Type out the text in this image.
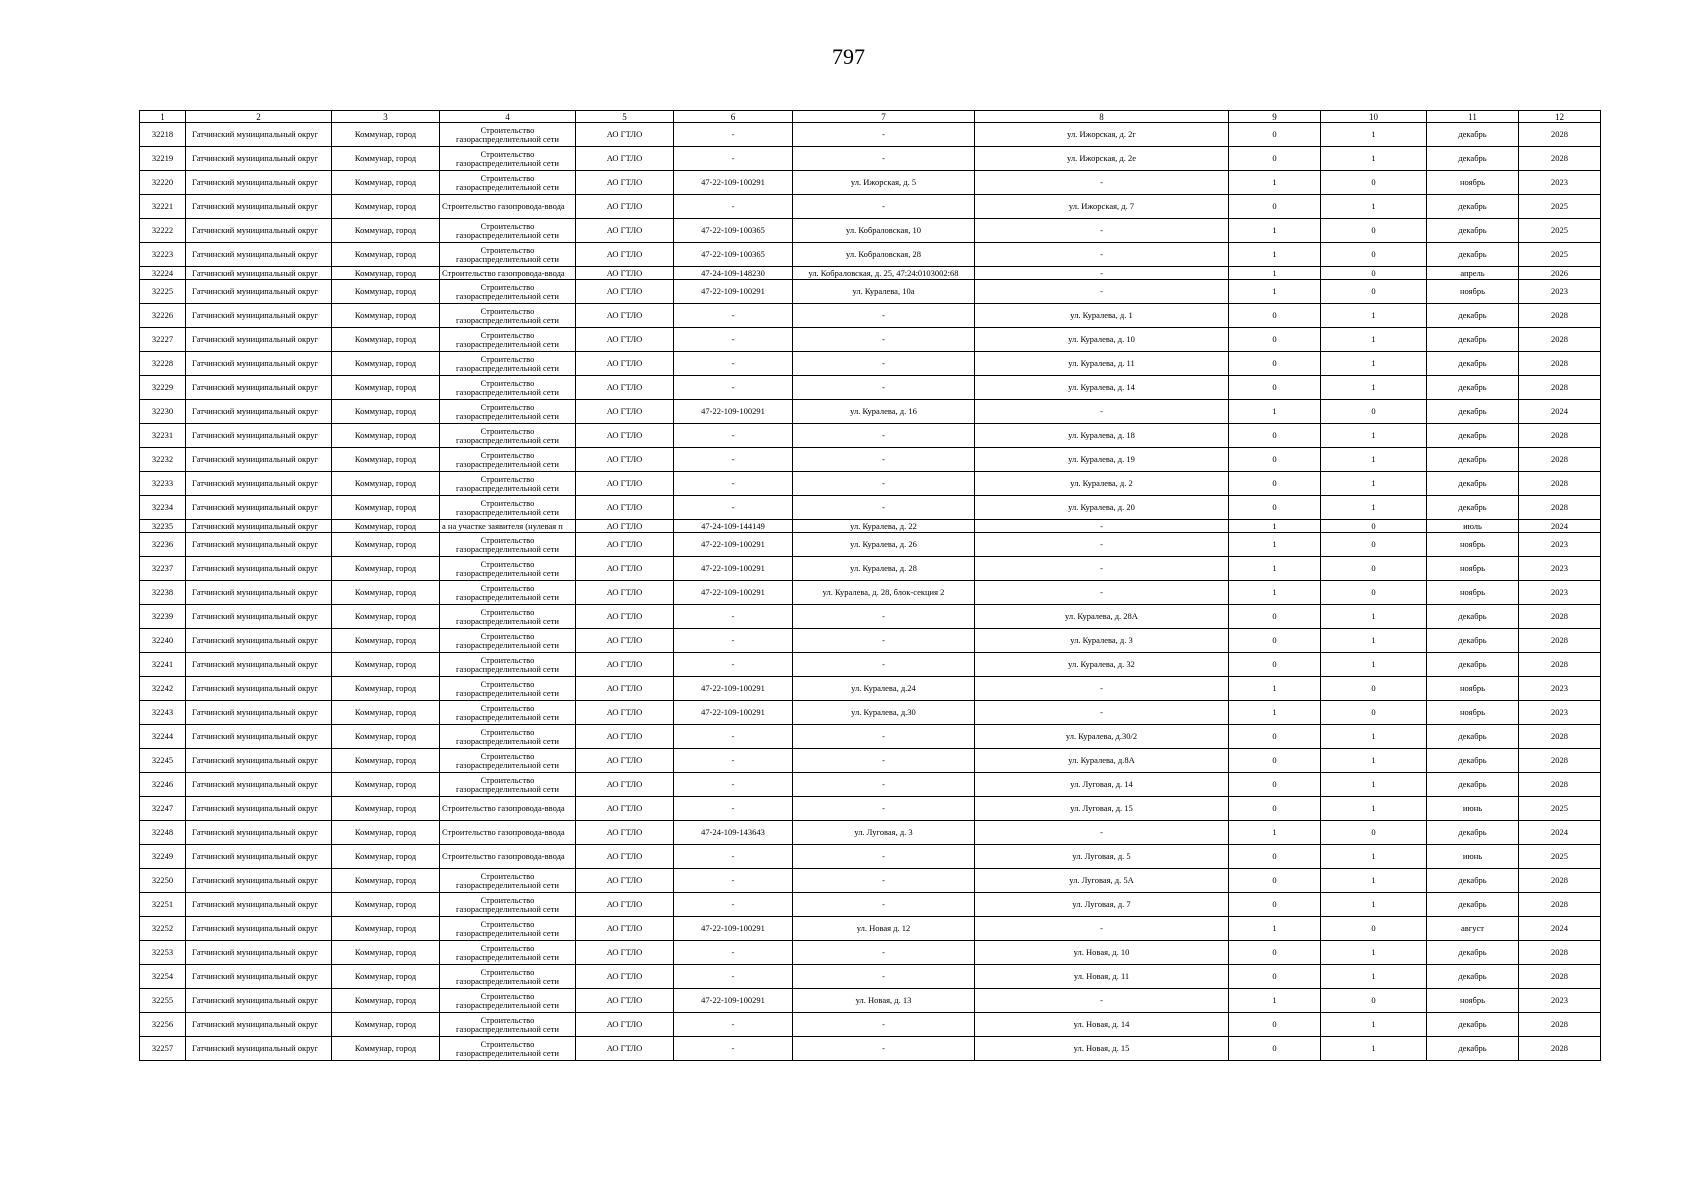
797
1	2	3	4	5	6	7	8	9	10	11	12
32218	Гатчинский муниципальный округ	Коммунар, город	Строительство газораспределительной сети	АО ГТЛО	-	-	ул. Ижорская, д. 2г	0	1	декабрь	2028
32219	Гатчинский муниципальный округ	Коммунар, город	Строительство газораспределительной сети	АО ГТЛО	-	-	ул. Ижорская, д. 2е	0	1	декабрь	2028
32220	Гатчинский муниципальный округ	Коммунар, город	Строительство газораспределительной сети	АО ГТЛО	47-22-109-100291	ул. Ижорская, д. 5	-	1	0	ноябрь	2023
32221	Гатчинский муниципальный округ	Коммунар, город	Строительство газопровода-ввода	АО ГТЛО	-	-	ул. Ижорская, д. 7	0	1	декабрь	2025
32222	Гатчинский муниципальный округ	Коммунар, город	Строительство газораспределительной сети	АО ГТЛО	47-22-109-100365	ул. Кобраловская, 10	-	1	0	декабрь	2025
32223	Гатчинский муниципальный округ	Коммунар, город	Строительство газораспределительной сети	АО ГТЛО	47-22-109-100365	ул. Кобраловская, 28	-	1	0	декабрь	2025
32224	Гатчинский муниципальный округ	Коммунар, город	Строительство газопровода-ввода	АО ГТЛО	47-24-109-148230	ул. Кобраловская, д. 25, 47:24:0103002:68	-	1	0	апрель	2026
32225	Гатчинский муниципальный округ	Коммунар, город	Строительство газораспределительной сети	АО ГТЛО	47-22-109-100291	ул. Куралева, 10а	-	1	0	ноябрь	2023
32226	Гатчинский муниципальный округ	Коммунар, город	Строительство газораспределительной сети	АО ГТЛО	-	-	ул. Куралева, д. 1	0	1	декабрь	2028
32227	Гатчинский муниципальный округ	Коммунар, город	Строительство газораспределительной сети	АО ГТЛО	-	-	ул. Куралева, д. 10	0	1	декабрь	2028
32228	Гатчинский муниципальный округ	Коммунар, город	Строительство газораспределительной сети	АО ГТЛО	-	-	ул. Куралева, д. 11	0	1	декабрь	2028
32229	Гатчинский муниципальный округ	Коммунар, город	Строительство газораспределительной сети	АО ГТЛО	-	-	ул. Куралева, д. 14	0	1	декабрь	2028
32230	Гатчинский муниципальный округ	Коммунар, город	Строительство газораспределительной сети	АО ГТЛО	47-22-109-100291	ул. Куралева, д. 16	-	1	0	декабрь	2024
32231	Гатчинский муниципальный округ	Коммунар, город	Строительство газораспределительной сети	АО ГТЛО	-	-	ул. Куралева, д. 18	0	1	декабрь	2028
32232	Гатчинский муниципальный округ	Коммунар, город	Строительство газораспределительной сети	АО ГТЛО	-	-	ул. Куралева, д. 19	0	1	декабрь	2028
32233	Гатчинский муниципальный округ	Коммунар, город	Строительство газораспределительной сети	АО ГТЛО	-	-	ул. Куралева, д. 2	0	1	декабрь	2028
32234	Гатчинский муниципальный округ	Коммунар, город	Строительство газораспределительной сети	АО ГТЛО	-	-	ул. Куралева, д. 20	0	1	декабрь	2028
32235	Гатчинский муниципальный округ	Коммунар, город	а на участке заявителя (нулевая п	АО ГТЛО	47-24-109-144149	ул. Куралева, д. 22	-	1	0	июль	2024
32236	Гатчинский муниципальный округ	Коммунар, город	Строительство газораспределительной сети	АО ГТЛО	47-22-109-100291	ул. Куралева, д. 26	-	1	0	ноябрь	2023
32237	Гатчинский муниципальный округ	Коммунар, город	Строительство газораспределительной сети	АО ГТЛО	47-22-109-100291	ул. Куралева, д. 28	-	1	0	ноябрь	2023
32238	Гатчинский муниципальный округ	Коммунар, город	Строительство газораспределительной сети	АО ГТЛО	47-22-109-100291	ул. Куралева, д. 28, блок-секция 2	-	1	0	ноябрь	2023
32239	Гатчинский муниципальный округ	Коммунар, город	Строительство газораспределительной сети	АО ГТЛО	-	-	ул. Куралева, д. 28А	0	1	декабрь	2028
32240	Гатчинский муниципальный округ	Коммунар, город	Строительство газораспределительной сети	АО ГТЛО	-	-	ул. Куралева, д. 3	0	1	декабрь	2028
32241	Гатчинский муниципальный округ	Коммунар, город	Строительство газораспределительной сети	АО ГТЛО	-	-	ул. Куралева, д. 32	0	1	декабрь	2028
32242	Гатчинский муниципальный округ	Коммунар, город	Строительство газораспределительной сети	АО ГТЛО	47-22-109-100291	ул. Куралева, д.24	-	1	0	ноябрь	2023
32243	Гатчинский муниципальный округ	Коммунар, город	Строительство газораспределительной сети	АО ГТЛО	47-22-109-100291	ул. Куралева, д.30	-	1	0	ноябрь	2023
32244	Гатчинский муниципальный округ	Коммунар, город	Строительство газораспределительной сети	АО ГТЛО	-	-	ул. Куралева, д.30/2	0	1	декабрь	2028
32245	Гатчинский муниципальный округ	Коммунар, город	Строительство газораспределительной сети	АО ГТЛО	-	-	ул. Куралева, д.8А	0	1	декабрь	2028
32246	Гатчинский муниципальный округ	Коммунар, город	Строительство газораспределительной сети	АО ГТЛО	-	-	ул. Луговая, д. 14	0	1	декабрь	2028
32247	Гатчинский муниципальный округ	Коммунар, город	Строительство газопровода-ввода	АО ГТЛО	-	-	ул. Луговая, д. 15	0	1	июнь	2025
32248	Гатчинский муниципальный округ	Коммунар, город	Строительство газопровода-ввода	АО ГТЛО	47-24-109-143643	ул. Луговая, д. 3	-	1	0	декабрь	2024
32249	Гатчинский муниципальный округ	Коммунар, город	Строительство газопровода-ввода	АО ГТЛО	-	-	ул. Луговая, д. 5	0	1	июнь	2025
32250	Гатчинский муниципальный округ	Коммунар, город	Строительство газораспределительной сети	АО ГТЛО	-	-	ул. Луговая, д. 5А	0	1	декабрь	2028
32251	Гатчинский муниципальный округ	Коммунар, город	Строительство газораспределительной сети	АО ГТЛО	-	-	ул. Луговая, д. 7	0	1	декабрь	2028
32252	Гатчинский муниципальный округ	Коммунар, город	Строительство газораспределительной сети	АО ГТЛО	47-22-109-100291	ул. Новая д. 12	-	1	0	август	2024
32253	Гатчинский муниципальный округ	Коммунар, город	Строительство газораспределительной сети	АО ГТЛО	-	-	ул. Новая, д. 10	0	1	декабрь	2028
32254	Гатчинский муниципальный округ	Коммунар, город	Строительство газораспределительной сети	АО ГТЛО	-	-	ул. Новая, д. 11	0	1	декабрь	2028
32255	Гатчинский муниципальный округ	Коммунар, город	Строительство газораспределительной сети	АО ГТЛО	47-22-109-100291	ул. Новая, д. 13	-	1	0	ноябрь	2023
32256	Гатчинский муниципальный округ	Коммунар, город	Строительство газораспределительной сети	АО ГТЛО	-	-	ул. Новая, д. 14	0	1	декабрь	2028
32257	Гатчинский муниципальный округ	Коммунар, город	Строительство газораспределительной сети	АО ГТЛО	-	-	ул. Новая, д. 15	0	1	декабрь	2028
